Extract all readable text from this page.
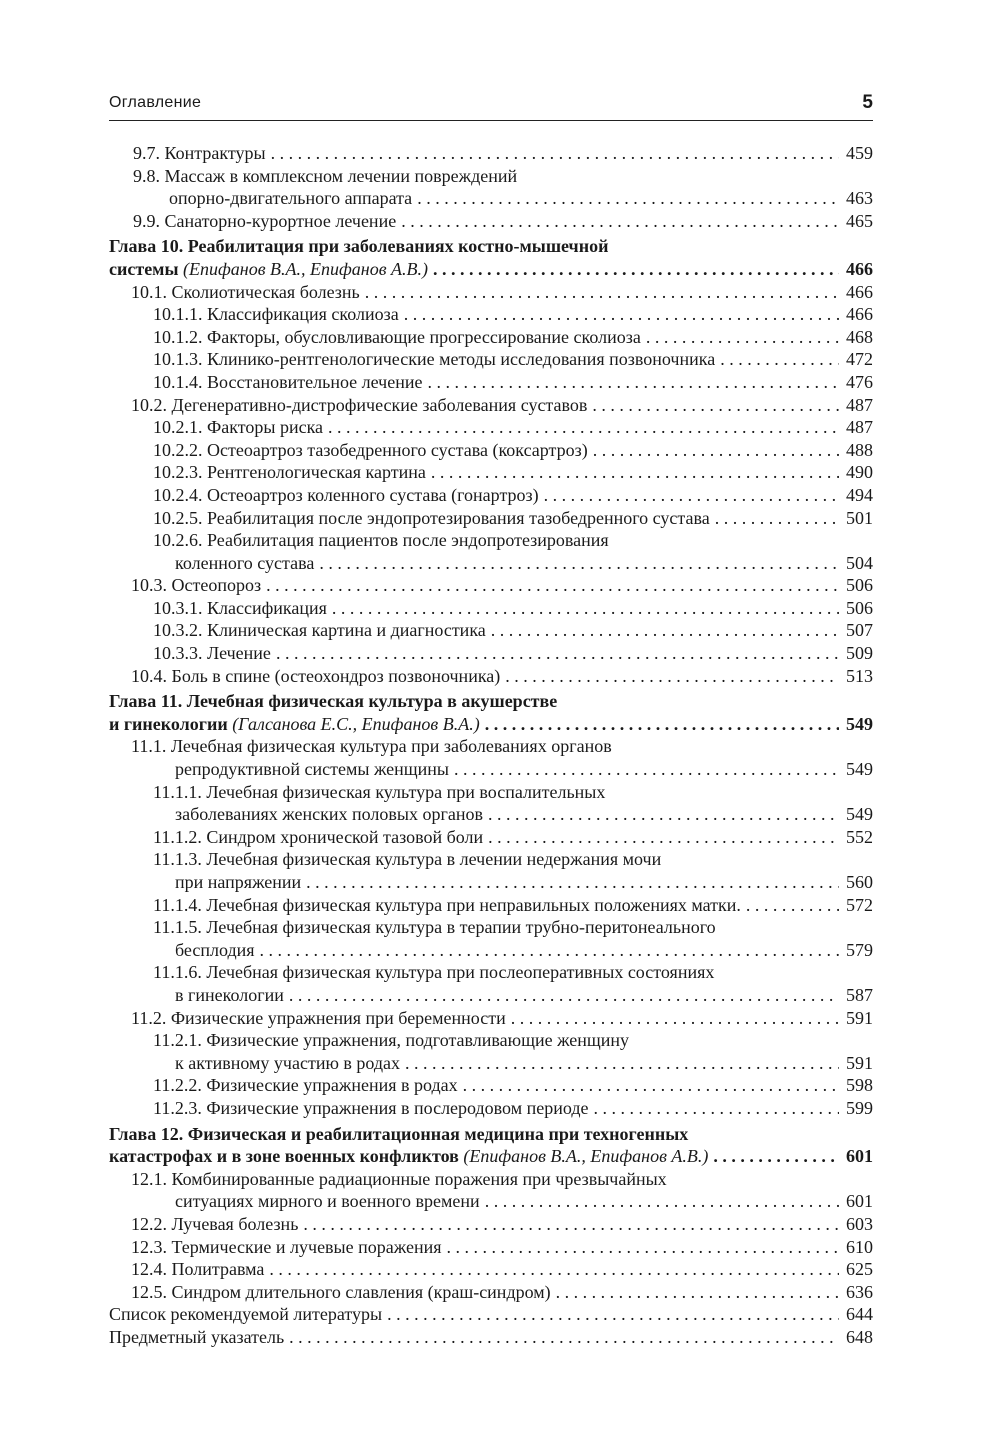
Оглавление	5
9.7. Контрактуры . . .	459
9.8. Массаж в комплексном лечении повреждений
опорно-двигательного аппарата . . .	463
9.9. Санаторно-курортное лечение . . .	465
Глава 10. Реабилитация при заболеваниях костно-мышечной
системы
(Епифанов В.А., Епифанов А.В.) . . .	466
10.1. Сколиотическая болезнь . . .	466
10.1.1. Классификация сколиоза . . .	466
10.1.2. Факторы, обусловливающие прогрессирование сколиоза . . .	468
10.1.3. Клинико-рентгенологические методы исследования позвоночника . . .	472
10.1.4. Восстановительное лечение . . .	476
10.2. Дегенеративно-дистрофические заболевания суставов . . .	487
10.2.1. Факторы риска . . .	487
10.2.2. Остеоартроз тазобедренного сустава (коксартроз) . . .	488
10.2.3. Рентгенологическая картина . . .	490
10.2.4. Остеоартроз коленного сустава (гонартроз) . . .	494
10.2.5. Реабилитация после эндопротезирования тазобедренного сустава . . .	501
10.2.6. Реабилитация пациентов после эндопротезирования
коленного сустава . . .	504
10.3. Остеопороз . . .	506
10.3.1. Классификация . . .	506
10.3.2. Клиническая картина и диагностика . . .	507
10.3.3. Лечение . . .	509
10.4. Боль в спине (остеохондроз позвоночника) . . .	513
Глава 11. Лечебная физическая культура в акушерстве
и гинекологии
(Галсанова Е.С., Епифанов В.А.) . . .	549
11.1. Лечебная физическая культура при заболеваниях органов
репродуктивной системы женщины . . .	549
11.1.1. Лечебная физическая культура при воспалительных
заболеваниях женских половых органов . . .	549
11.1.2. Синдром хронической тазовой боли . . .	552
11.1.3. Лечебная физическая культура в лечении недержания мочи
при напряжении . . .	560
11.1.4. Лечебная физическая культура при неправильных положениях матки. . . .	572
11.1.5. Лечебная физическая культура в терапии трубно-перитонеального
бесплодия . . .	579
11.1.6. Лечебная физическая культура при послеоперативных состояниях
в гинекологии . . .	587
11.2. Физические упражнения при беременности . . .	591
11.2.1. Физические упражнения, подготавливающие женщину
к активному участию в родах . . .	591
11.2.2. Физические упражнения в родах . . .	598
11.2.3. Физические упражнения в послеродовом периоде . . .	599
Глава 12. Физическая и реабилитационная медицина при техногенных
катастрофах и в зоне военных конфликтов
(Епифанов В.А., Епифанов А.В.) . . .	601
12.1. Комбинированные радиационные поражения при чрезвычайных
ситуациях мирного и военного времени . . .	601
12.2. Лучевая болезнь . . .	603
12.3. Термические и лучевые поражения . . .	610
12.4. Политравма . . .	625
12.5. Синдром длительного славления (краш-синдром) . . .	636
Список рекомендуемой литературы . . .	644
Предметный указатель . . .	648
